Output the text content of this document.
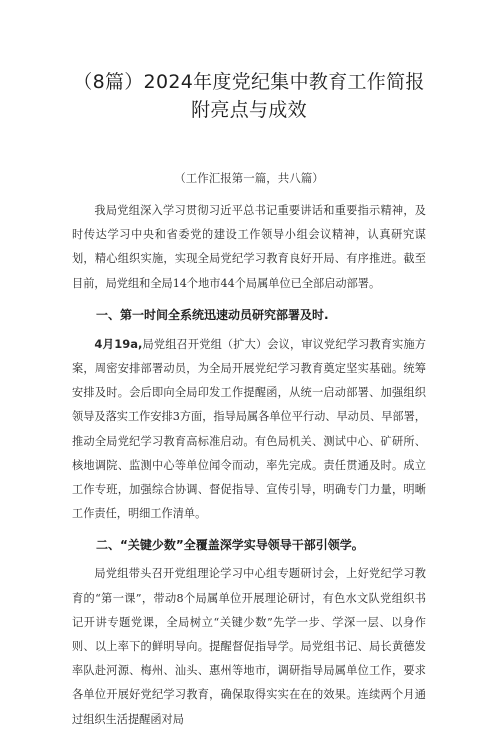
（8篇）2024年度党纪集中教育工作简报
附亮点与成效

（工作汇报第一篇，共八篇）

我局党组深入学习贯彻习近平总书记重要讲话和重要指示精神，及时传达学习中央和省委党的建设工作领导小组会议精神，认真研究谋划，精心组织实施，实现全局党纪学习教育良好开局、有序推进。截至目前，局党组和全局14个地市44个局属单位已全部启动部署。

一、第一时间全系统迅速动员研究部署及时.

4月19a,局党组召开党组（扩大）会议，审议党纪学习教育实施方案，周密安排部署动员，为全局开展党纪学习教育奠定坚实基础。统筹安排及时。会后即向全局印发工作提醒函，从统一启动部署、加强组织领导及落实工作安排3方面，指导局属各单位平行动、早动员、早部署，推动全局党纪学习教育高标准启动。有色局机关、测试中心、矿研所、核地调院、监测中心等单位闻令而动，率先完成。责任贯通及时。成立工作专班，加强综合协调、督促指导、宣传引导，明确专门力量，明晰工作责任，明细工作清单。

二、“关键少数”全覆盖深学实导领导干部引领学。

局党组带头召开党组理论学习中心组专题研讨会，上好党纪学习教育的“第一课”，带动8个局属单位开展理论研讨，有色水文队党组织书记开讲专题党课，全局树立“关键少数”先学一步、学深一层、以身作则、以上率下的鲜明导向。提醒督促指导学。局党组书记、局长黄德发率队赴河源、梅州、汕头、惠州等地市，调研指导局属单位工作，要求各单位开展好党纪学习教育，确保取得实实在在的效果。连续两个月通过组织生活提醒函对局
